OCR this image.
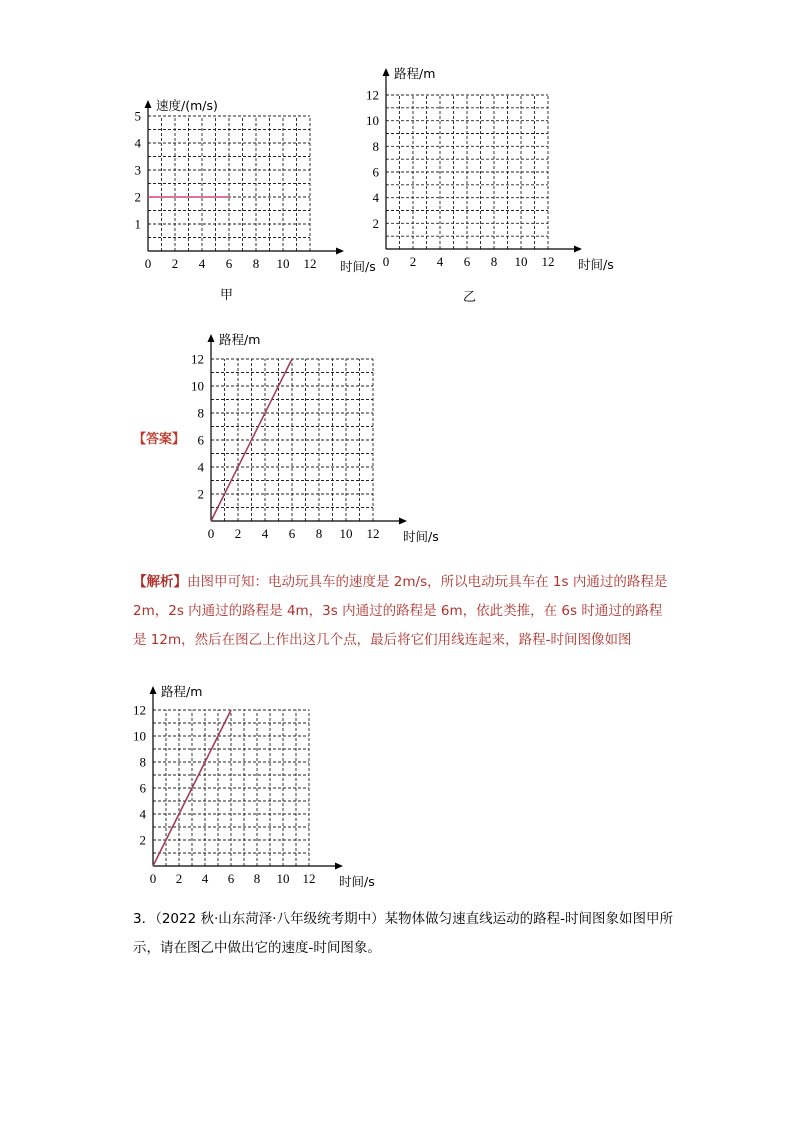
0 2 4 6 8 10 12
1
2
3
4
5
时间/s
速度/(m/s)
甲
0 2 4 6 8 10 12
2
4
6
8
10
12
时间/s
路程/m
乙
【答案】
0 2 4 6 8 10 12
2
4
6
8
10
12
时间/s
路程/m
【解析】由图甲可知：电动玩具车的速度是 2m/s，所以电动玩具车在 1s 内通过的路程是 2m，2s 内通过的路程是 4m，3s 内通过的路程是 6m，依此类推，在 6s 时通过的路程是 12m，然后在图乙上作出这几个点，最后将它们用线连起来，路程-时间图像如图
0 2 4 6 8 10 12
2
4
6
8
10
12
时间/s
路程/m
3．（2022 秋·山东菏泽·八年级统考期中）某物体做匀速直线运动的路程-时间图象如图甲所示，请在图乙中做出它的速度-时间图象。
